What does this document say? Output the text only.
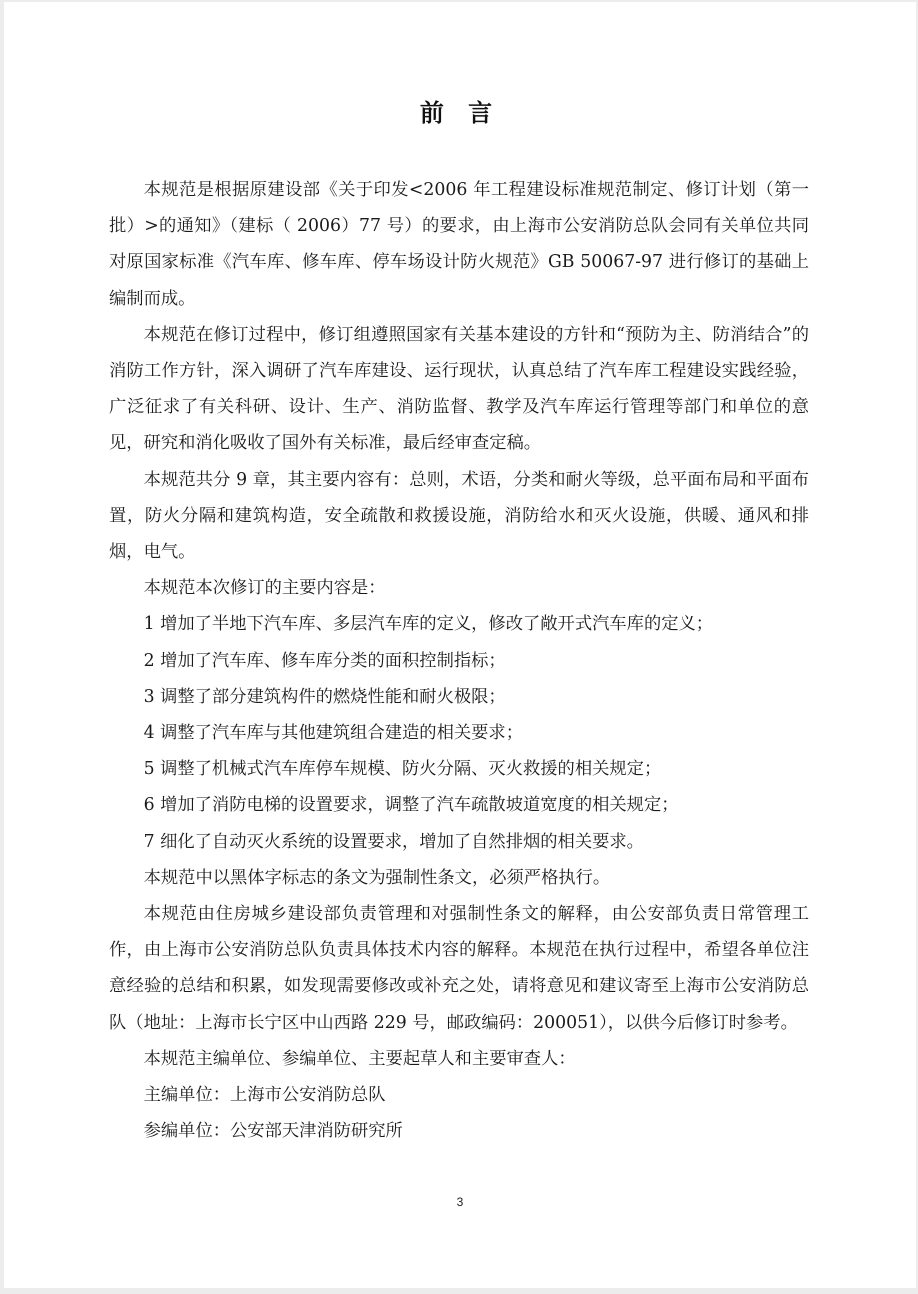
前 言

本规范是根据原建设部《关于印发<2006 年工程建设标准规范制定、修订计划（第一批）>的通知》（建标（ 2006）77 号）的要求，由上海市公安消防总队会同有关单位共同对原国家标准《汽车库、修车库、停车场设计防火规范》GB 50067-97 进行修订的基础上编制而成。

本规范在修订过程中，修订组遵照国家有关基本建设的方针和“预防为主、防消结合”的消防工作方针，深入调研了汽车库建设、运行现状，认真总结了汽车库工程建设实践经验，广泛征求了有关科研、设计、生产、消防监督、教学及汽车库运行管理等部门和单位的意见，研究和消化吸收了国外有关标准，最后经审查定稿。

本规范共分 9 章，其主要内容有：总则，术语，分类和耐火等级，总平面布局和平面布置，防火分隔和建筑构造，安全疏散和救援设施，消防给水和灭火设施，供暖、通风和排烟，电气。

本规范本次修订的主要内容是：

1 增加了半地下汽车库、多层汽车库的定义，修改了敞开式汽车库的定义；

2 增加了汽车库、修车库分类的面积控制指标；

3 调整了部分建筑构件的燃烧性能和耐火极限；

4 调整了汽车库与其他建筑组合建造的相关要求；

5 调整了机械式汽车库停车规模、防火分隔、灭火救援的相关规定；

6 增加了消防电梯的设置要求，调整了汽车疏散坡道宽度的相关规定；

7 细化了自动灭火系统的设置要求，增加了自然排烟的相关要求。

本规范中以黑体字标志的条文为强制性条文，必须严格执行。

本规范由住房城乡建设部负责管理和对强制性条文的解释，由公安部负责日常管理工作，由上海市公安消防总队负责具体技术内容的解释。本规范在执行过程中，希望各单位注意经验的总结和积累，如发现需要修改或补充之处，请将意见和建议寄至上海市公安消防总队（地址：上海市长宁区中山西路 229 号，邮政编码：200051），以供今后修订时参考。

本规范主编单位、参编单位、主要起草人和主要审查人：

主编单位：上海市公安消防总队

参编单位：公安部天津消防研究所

3
